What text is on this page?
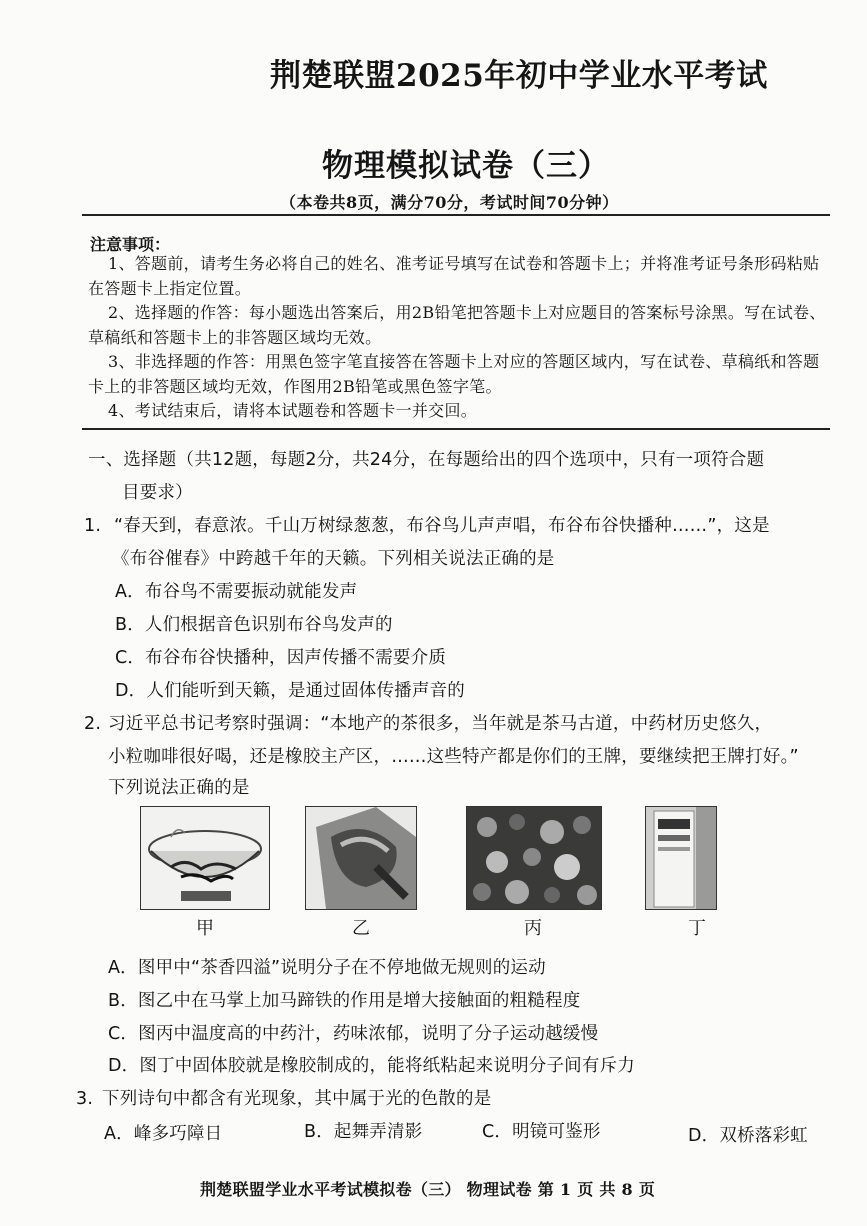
荆楚联盟2025年初中学业水平考试
物理模拟试卷（三）
（本卷共8页，满分70分，考试时间70分钟）
注意事项：
1、答题前，请考生务必将自己的姓名、准考证号填写在试卷和答题卡上；并将准考证号条形码粘贴在答题卡上指定位置。
2、选择题的作答：每小题选出答案后，用2B铅笔把答题卡上对应题目的答案标号涂黑。写在试卷、草稿纸和答题卡上的非答题区域均无效。
3、非选择题的作答：用黑色签字笔直接答在答题卡上对应的答题区域内，写在试卷、草稿纸和答题卡上的非答题区域均无效，作图用2B铅笔或黑色签字笔。
4、考试结束后，请将本试题卷和答题卡一并交回。
一、选择题（共12题，每题2分，共24分，在每题给出的四个选项中，只有一项符合题
目要求）
1. “春天到，春意浓。千山万树绿葱葱，布谷鸟儿声声唱，布谷布谷快播种……”，这是
《布谷催春》中跨越千年的天籁。下列相关说法正确的是
A．布谷鸟不需要振动就能发声
B．人们根据音色识别布谷鸟发声的
C．布谷布谷快播种，因声传播不需要介质
D．人们能听到天籁，是通过固体传播声音的
2. 习近平总书记考察时强调：“本地产的茶很多，当年就是茶马古道，中药材历史悠久，
小粒咖啡很好喝，还是橡胶主产区，……这些特产都是你们的王牌，要继续把王牌打好。”
下列说法正确的是
甲	乙	丙	丁
A．图甲中“茶香四溢”说明分子在不停地做无规则的运动
B．图乙中在马掌上加马蹄铁的作用是增大接触面的粗糙程度
C．图丙中温度高的中药汁，药味浓郁，说明了分子运动越缓慢
D．图丁中固体胶就是橡胶制成的，能将纸粘起来说明分子间有斥力
3. 下列诗句中都含有光现象，其中属于光的色散的是
A．峰多巧障日	B．起舞弄清影	C．明镜可鉴形	D．双桥落彩虹
荆楚联盟学业水平考试模拟卷（三） 物理试卷 第 1 页 共 8 页
